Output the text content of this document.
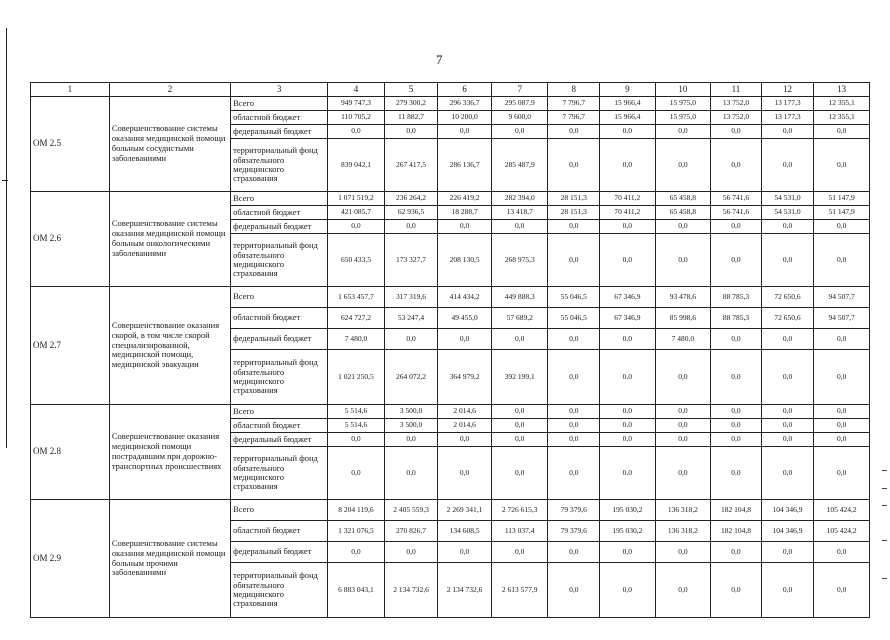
7
1	2	3	4	5	6	7	8	9	10	11	12	13
ОМ 2.5	Совершенствование системы оказания медицинской помощи больным сосудистыми заболеваниями	Всего	949 747,3	279 300,2	296 336,7	295 087,9	7 796,7	15 966,4	15 975,0	13 752,0	13 177,3	12 355,1
		областной бюджет	110 705,2	11 882,7	10 200,0	9 600,0	7 796,7	15 966,4	15 975,0	13 752,0	13 177,3	12 355,1
		федеральный бюджет	0,0	0,0	0,0	0,0	0,0	0,0	0,0	0,0	0,0	0,0
		территориальный фонд обязательного медицинского страхования	839 042,1	267 417,5	286 136,7	285 487,9	0,0	0,0	0,0	0,0	0,0	0,0
ОМ 2.6	Совершенствование системы оказания медицинской помощи больным онкологическими заболеваниями	Всего	1 071 519,2	236 264,2	226 419,2	282 394,0	28 151,3	70 411,2	65 458,8	56 741,6	54 531,0	51 147,9
		областной бюджет	421 085,7	62 936,5	18 288,7	13 418,7	28 151,3	70 411,2	65 458,8	56 741,6	54 531,0	51 147,9
		федеральный бюджет	0,0	0,0	0,0	0,0	0,0	0,0	0,0	0,0	0,0	0,0
		территориальный фонд обязательного медицинского страхования	650 433,5	173 327,7	208 130,5	268 975,3	0,0	0,0	0,0	0,0	0,0	0,0
ОМ 2.7	Совершенствование оказания скорой, в том числе скорой специализированной, медицинской помощи, медицинской эвакуации	Всего	1 653 457,7	317 319,6	414 434,2	449 888,3	55 046,5	67 346,9	93 478,6	88 785,3	72 650,6	94 507,7
		областной бюджет	624 727,2	53 247,4	49 455,0	57 689,2	55 046,5	67 346,9	85 998,6	88 785,3	72 650,6	94 507,7
		федеральный бюджет	7 480,0	0,0	0,0	0,0	0,0	0,0	7 480,0	0,0	0,0	0,0
		территориальный фонд обязательного медицинского страхования	1 021 250,5	264 072,2	364 979,2	392 199,1	0,0	0,0	0,0	0,0	0,0	0,0
ОМ 2.8	Совершенствование оказания медицинской помощи пострадавшим при дорожно-транспортных происшествиях	Всего	5 514,6	3 500,0	2 014,6	0,0	0,0	0,0	0,0	0,0	0,0	0,0
		областной бюджет	5 514,6	3 500,0	2 014,6	0,0	0,0	0,0	0,0	0,0	0,0	0,0
		федеральный бюджет	0,0	0,0	0,0	0,0	0,0	0,0	0,0	0,0	0,0	0,0
		территориальный фонд обязательного медицинского страхования	0,0	0,0	0,0	0,0	0,0	0,0	0,0	0,0	0,0	0,0
ОМ 2.9	Совершенствование системы оказания медицинской помощи больным прочими заболеваниями	Всего	8 204 119,6	2 405 559,3	2 269 341,1	2 726 615,3	79 379,6	195 030,2	136 318,2	182 104,8	104 346,9	105 424,2
		областной бюджет	1 321 076,5	270 826,7	134 608,5	113 037,4	79 379,6	195 030,2	136 318,2	182 104,8	104 346,9	105 424,2
		федеральный бюджет	0,0	0,0	0,0	0,0	0,0	0,0	0,0	0,0	0,0	0,0
		территориальный фонд обязательного медицинского страхования	6 883 043,1	2 134 732,6	2 134 732,6	2 613 577,9	0,0	0,0	0,0	0,0	0,0	0,0
